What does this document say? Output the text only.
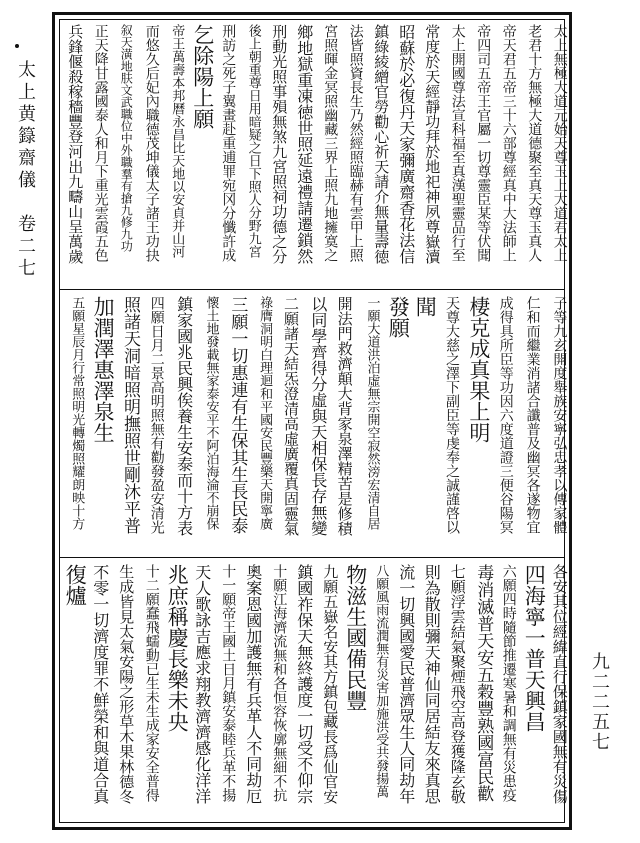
太上黄籙齋儀　卷二七
九二二五七
太上無極大道元始天尊玉上大道君太上
老君十方無極大道德聚至真天尊玉真人
帝天君五帝三十六部尊經真中大法師上
帝四司五帝王官屬一切尊靈臣某等伏聞
太上開國尊法宣科福至真漢聖靈品行至
常度於天經靜功拜於地祀神夙尊嶽瀆
昭蘇於必復丹天家彌廣齋香花法信
鎮綠綾繒官勞勸心祈天請介無量壽徳
法皆照資長生乃然經照臨赫有雲甲上照
宮照暉金冥照幽藏三界上照九地擁寞之
鄉地獄重凍徳世照延遠禮請遷鎖然
刑動光照事殞無煞九宮照祠功德之分
後上朝重尊日用暗疑之日下照人分野九宮
刑訪之死子翼畫赴重逋罪宛冈分懺許成
乞除陽上願
帝王萬壽本邦曆永昌比天地以安貞并山河
而悠久后妃內職德茂坤儀太子諸王功抉
叙天潢地肤文武職位中外職羣有搶九修九功
正天降甘露國泰人和月下重光雲霞五色
兵鋒偃殺稼穡豐登河出九疇山呈萬歲
子等九玄開度舉族安寧弘忠孝以傳家體
仁和而繼業消諸合讖普及幽冥各遂物宜
成得具所臣等功因六度道證三便谷陽冥
棲克成真果上明
天尊大慈之澤下副臣等虔奉之誠謹啓以
聞
發願
一願大道洪泊虛無宗開空寂然滂宏清自居
開法門救濟顛大背家泉澤精苦是修積
以同學齊得分虛與天相保長存無變
二願諸天結炁澄清高虛廣覆真固靈氣
祿膺洞明白理迴和平國安民豐樂天開寧廣
三願一切惠連有生保其生長民泰
懷土地發載無家泰安平不阿泊海淪不崩保
鎮家國兆民興俟養生安泰而十方表
四願日月二景高明照無有勸發盈安清光
照諸天洞暗照明撫照世剛沐平普
加潤澤惠澤泉生
五願星辰月行常照明光轉燭照耀朗映十方
各安其位經緯直行保鎮家國無有災傷
四海寧一普天興昌
六願四時隨節推遷寒暑和調無有災患疫
毒消滅普天安五穀豐熟國富民歡
七願浮雲結氣聚煙飛空高登獲隆玄敬
則為散則彌天神仙同居結友來真思
流一切興國愛民普濟眾生人同劫年
八願風雨流潤無有災害加施洪受共發揚萬
物滋生國備民豐
九願五嶽名安其方鎮包藏長爲仙官安
鎮國祚保天無終護度一切受不仰宗
十願江海濟流無和各恒容恢廓無細不抗
奧案恩國加護無有兵革人不同劫厄
十一願帝王國土日月鎮安泰睦兵革不揚
天人歌詠吉應求翔教濟濟感化洋洋
兆庶稱慶長樂未央
十二願蠢飛蠕動已生未生成家安全普得
生成皆見太氣安陽之形草木果林德冬
不零一切濟度罪不鮮榮和與道合真
復爐
